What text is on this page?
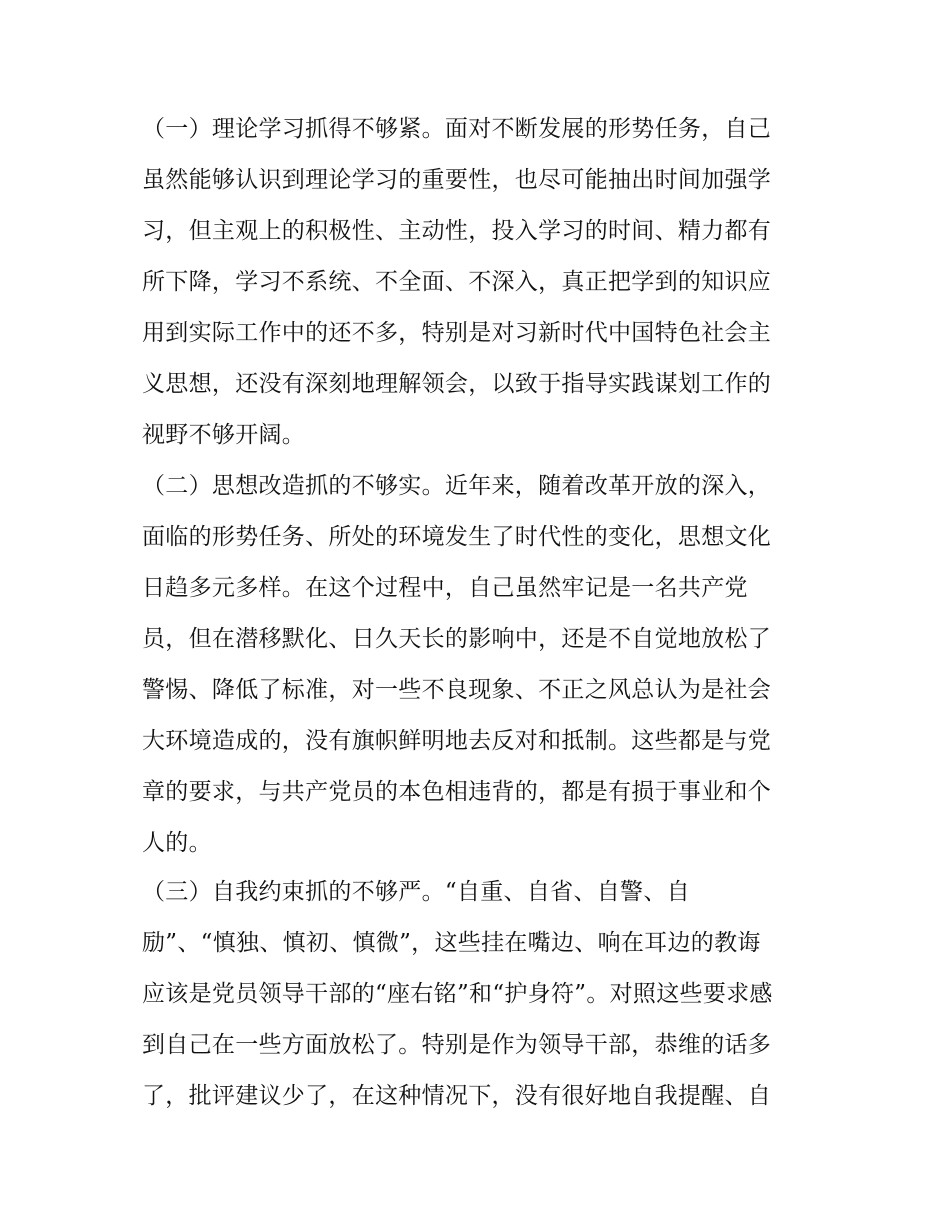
（一）理论学习抓得不够紧。面对不断发展的形势任务，自己
虽然能够认识到理论学习的重要性，也尽可能抽出时间加强学
习，但主观上的积极性、主动性，投入学习的时间、精力都有
所下降，学习不系统、不全面、不深入，真正把学到的知识应
用到实际工作中的还不多，特别是对习新时代中国特色社会主
义思想，还没有深刻地理解领会，以致于指导实践谋划工作的
视野不够开阔。
（二）思想改造抓的不够实。近年来，随着改革开放的深入，
面临的形势任务、所处的环境发生了时代性的变化，思想文化
日趋多元多样。在这个过程中，自己虽然牢记是一名共产党
员，但在潜移默化、日久天长的影响中，还是不自觉地放松了
警惕、降低了标准，对一些不良现象、不正之风总认为是社会
大环境造成的，没有旗帜鲜明地去反对和抵制。这些都是与党
章的要求，与共产党员的本色相违背的，都是有损于事业和个
人的。
（三）自我约束抓的不够严。“自重、自省、自警、自
励”、“慎独、慎初、慎微”，这些挂在嘴边、响在耳边的教诲
应该是党员领导干部的“座右铭”和“护身符”。对照这些要求感
到自己在一些方面放松了。特别是作为领导干部，恭维的话多
了，批评建议少了，在这种情况下，没有很好地自我提醒、自
